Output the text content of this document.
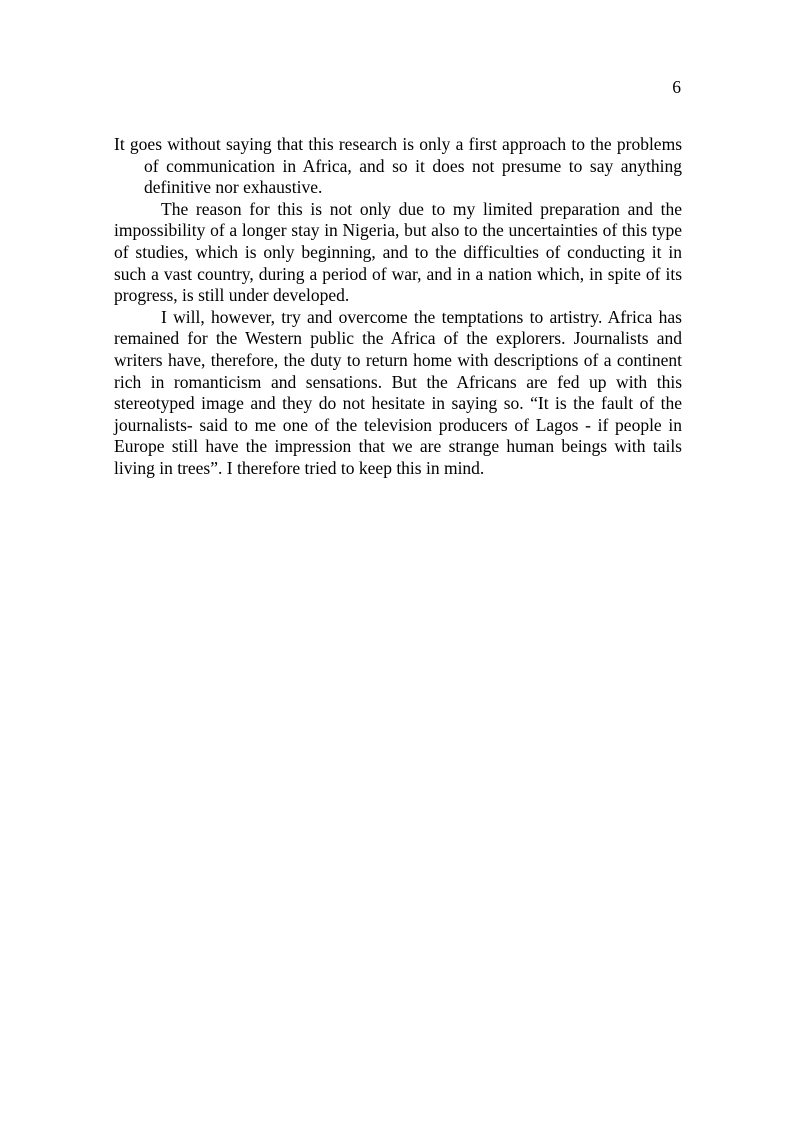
6

It goes without saying that this research is only a first approach to the problems of communication in Africa, and so it does not presume to say anything definitive nor exhaustive.

The reason for this is not only due to my limited preparation and the impossibility of a longer stay in Nigeria, but also to the uncertainties of this type of studies, which is only beginning, and to the difficulties of conducting it in such a vast country, during a period of war, and in a nation which, in spite of its progress, is still under developed.

I will, however, try and overcome the temptations to artistry. Africa has remained for the Western public the Africa of the explorers. Journalists and writers have, therefore, the duty to return home with descriptions of a continent rich in romanticism and sensations. But the Africans are fed up with this stereotyped image and they do not hesitate in saying so. “It is the fault of the journalists- said to me one of the television producers of Lagos - if people in Europe still have the impression that we are strange human beings with tails living in trees”. I therefore tried to keep this in mind.
